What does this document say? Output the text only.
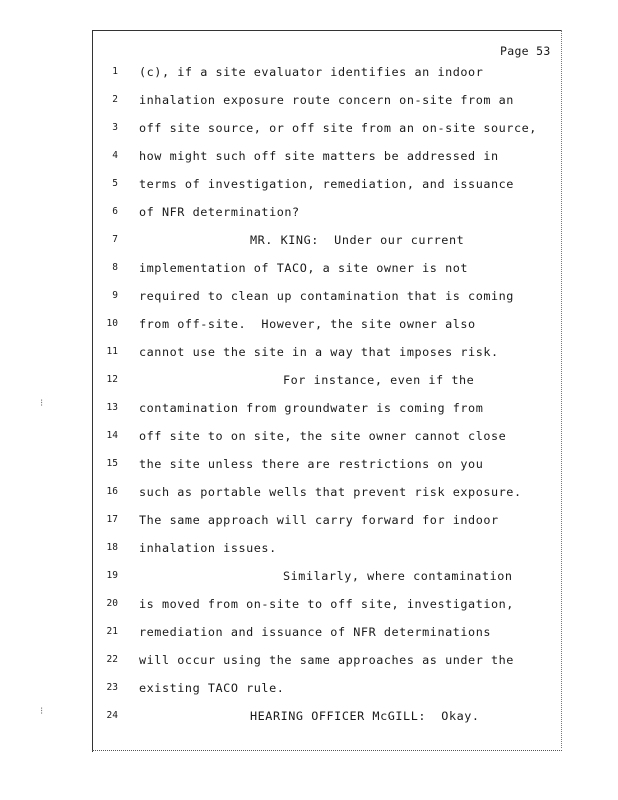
⁝
⁝
Page 53
1 (c), if a site evaluator identifies an indoor
2 inhalation exposure route concern on-site from an
3 off site source, or off site from an on-site source,
4 how might such off site matters be addressed in
5 terms of investigation, remediation, and issuance
6 of NFR determination?
7	MR. KING:  Under our current
8 implementation of TACO, a site owner is not
9 required to clean up contamination that is coming
10 from off-site.  However, the site owner also
11 cannot use the site in a way that imposes risk.
12	For instance, even if the
13 contamination from groundwater is coming from
14 off site to on site, the site owner cannot close
15 the site unless there are restrictions on you
16 such as portable wells that prevent risk exposure.
17 The same approach will carry forward for indoor
18 inhalation issues.
19	Similarly, where contamination
20 is moved from on-site to off site, investigation,
21 remediation and issuance of NFR determinations
22 will occur using the same approaches as under the
23 existing TACO rule.
24	HEARING OFFICER McGILL:  Okay.
